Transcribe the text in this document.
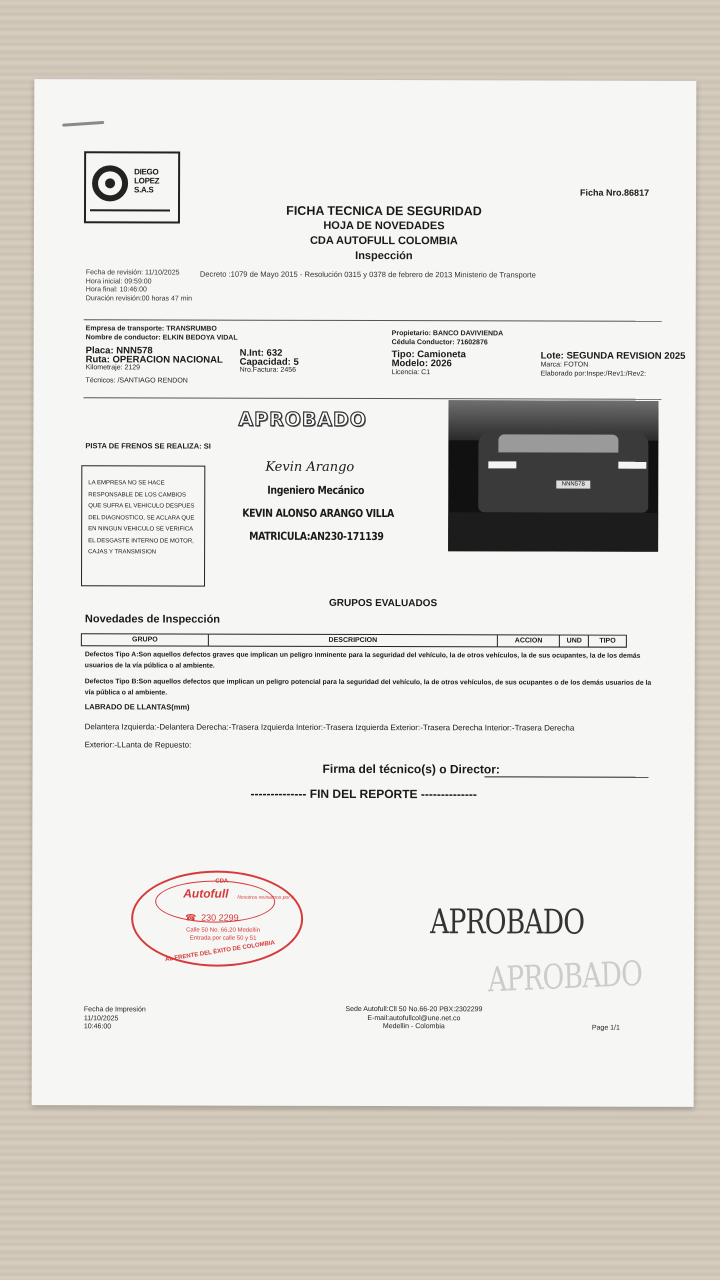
DIEGO
LOPEZ
S.A.S	Ficha Nro.86817
FICHA TECNICA DE SEGURIDAD
HOJA DE NOVEDADES
CDA AUTOFULL COLOMBIA
Inspección
Fecha de revisión: 11/10/2025
Hora inicial: 09:59:00
Hora final: 10:46:00
Duración revisión:00 horas 47 min
Decreto :1079 de Mayo 2015 - Resolución 0315 y 0378 de febrero de 2013 Ministerio de Transporte
Empresa de transporte: TRANSRUMBO
Nombre de conductor: ELKIN BEDOYA VIDAL
Placa: NNN578
Ruta: OPERACION NACIONAL
Kilometraje: 2129
Técnicos: /SANTIAGO RENDON
N.Int: 632
Capacidad: 5
Nro.Factura: 2456
Propietario: BANCO DAVIVIENDA
Cédula Conductor: 71602876
Tipo: Camioneta
Modelo: 2026
Licencia: C1
Lote: SEGUNDA REVISION 2025
Marca: FOTON
Elaborado por:Inspe:/Rev1:/Rev2:
APROBADO
PISTA DE FRENOS SE REALIZA: SI
NNN578
LA EMPRESA NO SE HACE RESPONSABLE DE LOS CAMBIOS QUE SUFRA EL VEHICULO DESPUES DEL DIAGNOSTICO, SE ACLARA QUE EN NINGUN VEHICULO SE VERIFICA EL DESGASTE INTERNO DE MOTOR, CAJAS Y TRANSMISION
Kevin Arango
Ingeniero Mecánico
KEVIN ALONSO ARANGO VILLA
MATRICULA:AN230-171139
GRUPOS EVALUADOS
Novedades de Inspección
GRUPO	DESCRIPCION	ACCION	UND	TIPO
Defectos Tipo A:Son aquellos defectos graves que implican un peligro inminente para la seguridad del vehículo, la de otros vehículos, la de sus ocupantes, la de los demás usuarios de la vía pública o al ambiente.
Defectos Tipo B:Son aquellos defectos que implican un peligro potencial para la seguridad del vehículo, la de otros vehículos, de sus ocupantes o de los demás usuarios de la vía pública o al ambiente.
LABRADO DE LLANTAS(mm)
Delantera Izquierda:-Delantera Derecha:-Trasera Izquierda Interior:-Trasera Izquierda Exterior:-Trasera Derecha Interior:-Trasera Derecha
Exterior:-LLanta de Repuesto:
Firma del técnico(s) o Director:
-------------- FIN DEL REPORTE --------------
CDA
Autofull Nosotros revisamos por ti
☎ 230 2299
Calle 50 No. 66.20 Medellín
Entrada por calle 50 y 51
AL FRENTE DEL ÉXITO DE COLOMBIA
APROBADO
APROBADO
Fecha de Impresión
11/10/2025
10:46:00
Sede Autofull:Cll 50 No.66-20 PBX:2302299
E-mail:autofullcol@une.net.co
Medellin - Colombia	Page 1/1
